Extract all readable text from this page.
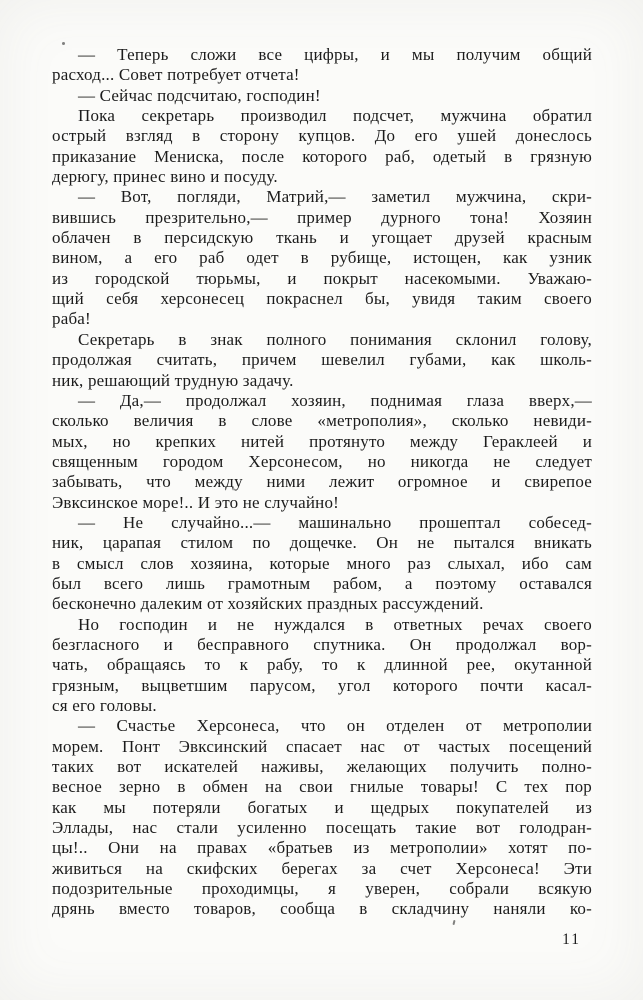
— Теперь сложи все цифры, и мы получим общий
расход... Совет потребует отчета!
— Сейчас подсчитаю, господин!
Пока секретарь производил подсчет, мужчина обратил
острый взгляд в сторону купцов. До его ушей донеслось
приказание Мениска, после которого раб, одетый в грязную
дерюгу, принес вино и посуду.
— Вот, погляди, Матрий,— заметил мужчина, скри-
вившись презрительно,— пример дурного тона! Хозяин
облачен в персидскую ткань и угощает друзей красным
вином, а его раб одет в рубище, истощен, как узник
из городской тюрьмы, и покрыт насекомыми. Уважаю-
щий себя херсонесец покраснел бы, увидя таким своего
раба!
Секретарь в знак полного понимания склонил голову,
продолжая считать, причем шевелил губами, как школь-
ник, решающий трудную задачу.
— Да,— продолжал хозяин, поднимая глаза вверх,—
сколько величия в слове «метрополия», сколько невиди-
мых, но крепких нитей протянуто между Гераклеей и
священным городом Херсонесом, но никогда не следует
забывать, что между ними лежит огромное и свирепое
Эвксинское море!.. И это не случайно!
— Не случайно...— машинально прошептал собесед-
ник, царапая стилом по дощечке. Он не пытался вникать
в смысл слов хозяина, которые много раз слыхал, ибо сам
был всего лишь грамотным рабом, а поэтому оставался
бесконечно далеким от хозяйских праздных рассуждений.
Но господин и не нуждался в ответных речах своего
безгласного и бесправного спутника. Он продолжал вор-
чать, обращаясь то к рабу, то к длинной рее, окутанной
грязным, выцветшим парусом, угол которого почти касал-
ся его головы.
— Счастье Херсонеса, что он отделен от метрополии
морем. Понт Эвксинский спасает нас от частых посещений
таких вот искателей наживы, желающих получить полно-
весное зерно в обмен на свои гнилые товары! С тех пор
как мы потеряли богатых и щедрых покупателей из
Эллады, нас стали усиленно посещать такие вот голодран-
цы!.. Они на правах «братьев из метрополии» хотят по-
живиться на скифских берегах за счет Херсонеса! Эти
подозрительные проходимцы, я уверен, собрали всякую
дрянь вместо товаров, сообща в складчину наняли ко-
11
